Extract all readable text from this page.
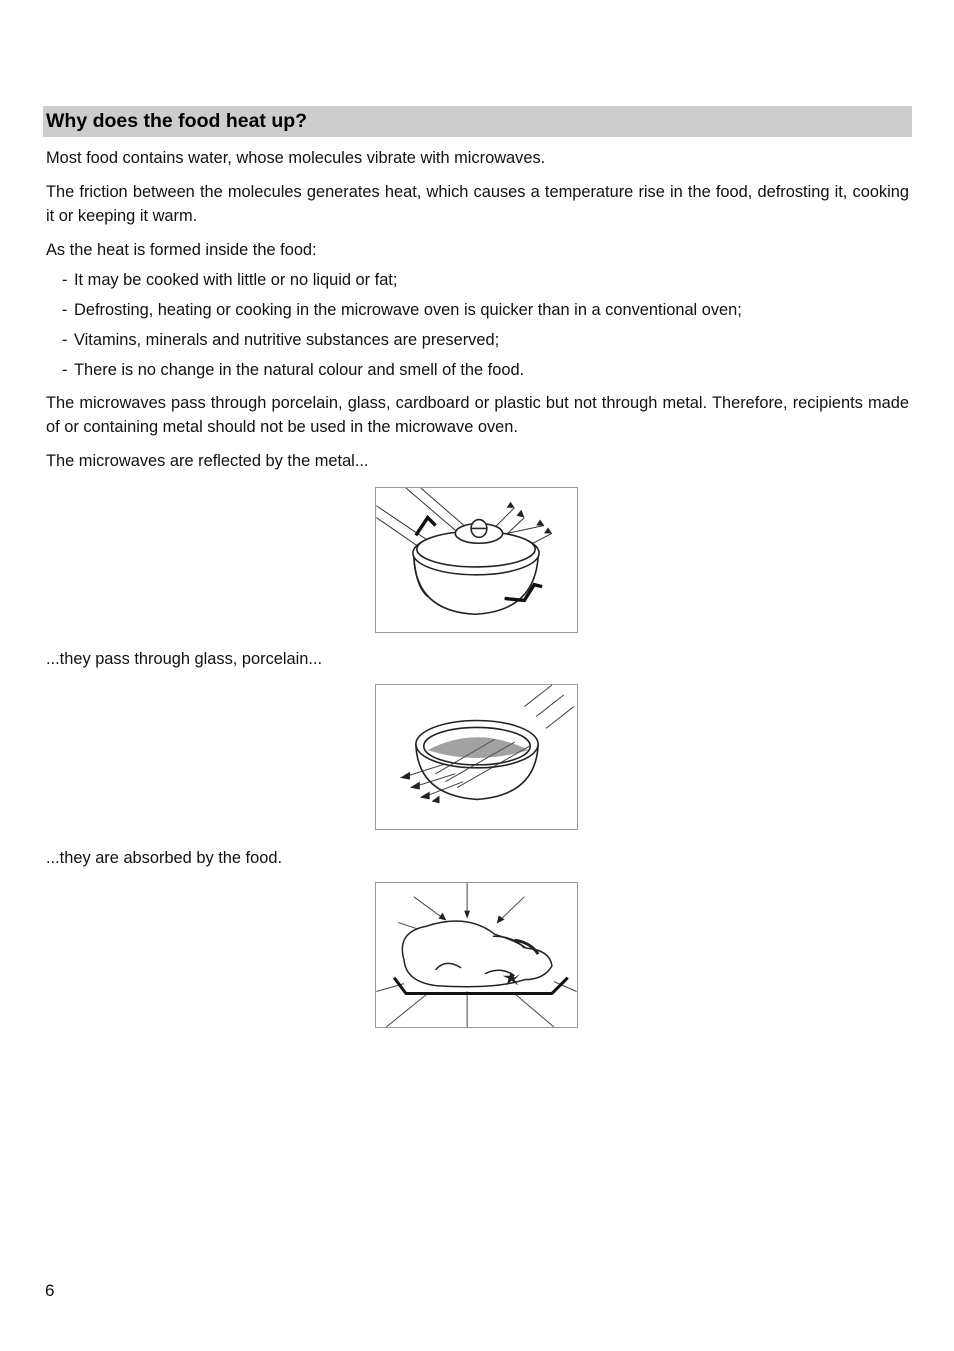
Why does the food heat up?

Most food contains water, whose molecules vibrate with microwaves.

The friction between the molecules generates heat, which causes a temperature rise in the food, defrosting it, cooking it or keeping it warm.

As the heat is formed inside the food:

- It may be cooked with little or no liquid or fat;
- Defrosting, heating or cooking in the microwave oven is quicker than in a conventional oven;
- Vitamins, minerals and nutritive substances are preserved;
- There is no change in the natural colour and smell of the food.

The microwaves pass through porcelain, glass, cardboard or plastic but not through metal. Therefore, recipients made of or containing metal should not be used in the microwave oven.

The microwaves are reflected by the metal...

...they pass through glass, porcelain...

...they are absorbed by the food.

6
